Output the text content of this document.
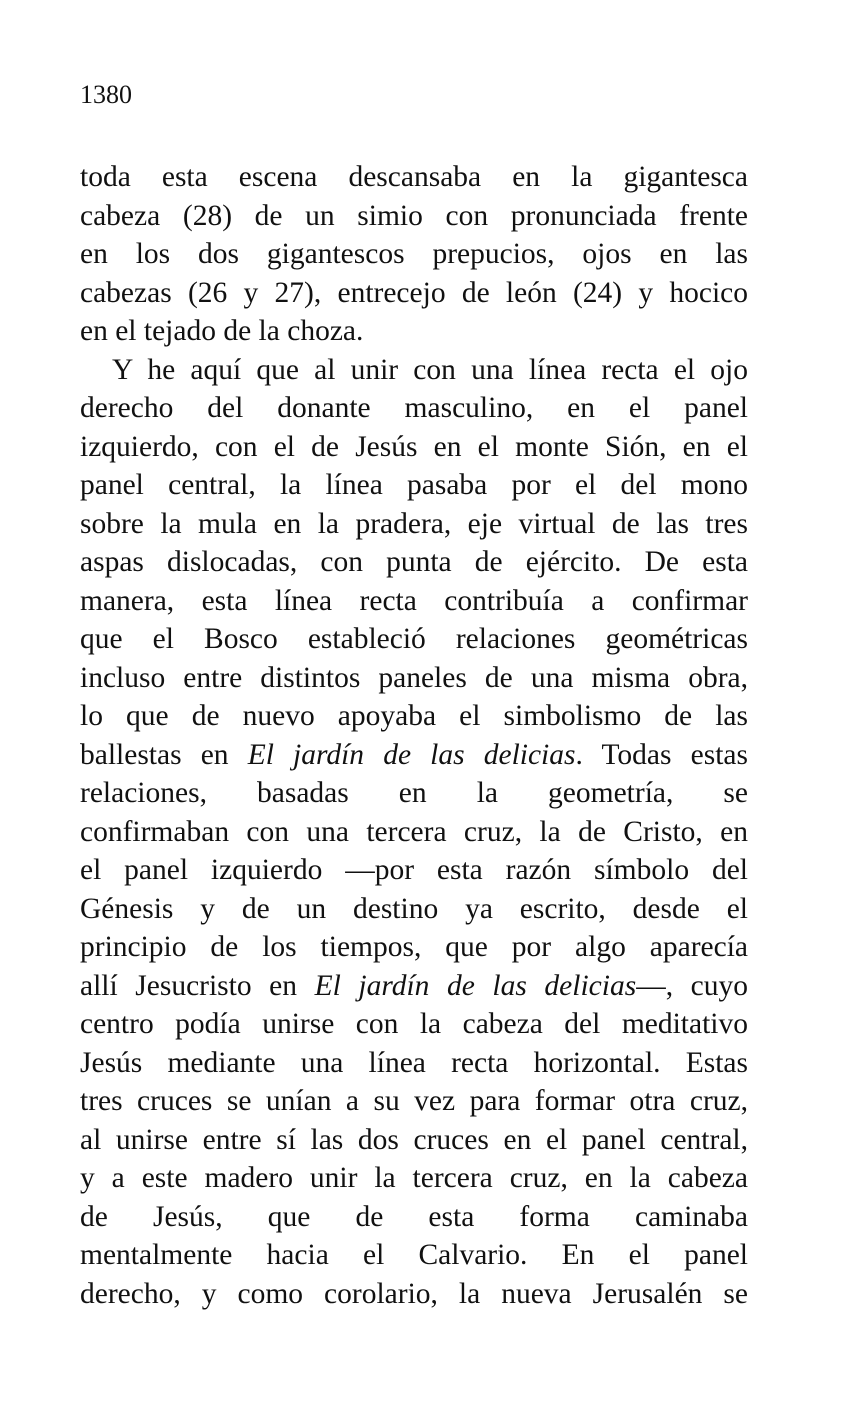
1380

toda esta escena descansaba en la gigantesca
cabeza (28) de un simio con pronunciada frente
en los dos gigantescos prepucios, ojos en las
cabezas (26 y 27), entrecejo de león (24) y hocico
en el tejado de la choza.

Y he aquí que al unir con una línea recta el ojo
derecho del donante masculino, en el panel
izquierdo, con el de Jesús en el monte Sión, en el
panel central, la línea pasaba por el del mono
sobre la mula en la pradera, eje virtual de las tres
aspas dislocadas, con punta de ejército. De esta
manera, esta línea recta contribuía a confirmar
que el Bosco estableció relaciones geométricas
incluso entre distintos paneles de una misma obra,
lo que de nuevo apoyaba el simbolismo de las
ballestas en El jardín de las delicias. Todas estas
relaciones, basadas en la geometría, se
confirmaban con una tercera cruz, la de Cristo, en
el panel izquierdo —por esta razón símbolo del
Génesis y de un destino ya escrito, desde el
principio de los tiempos, que por algo aparecía
allí Jesucristo en El jardín de las delicias—, cuyo
centro podía unirse con la cabeza del meditativo
Jesús mediante una línea recta horizontal. Estas
tres cruces se unían a su vez para formar otra cruz,
al unirse entre sí las dos cruces en el panel central,
y a este madero unir la tercera cruz, en la cabeza
de Jesús, que de esta forma caminaba
mentalmente hacia el Calvario. En el panel
derecho, y como corolario, la nueva Jerusalén se
